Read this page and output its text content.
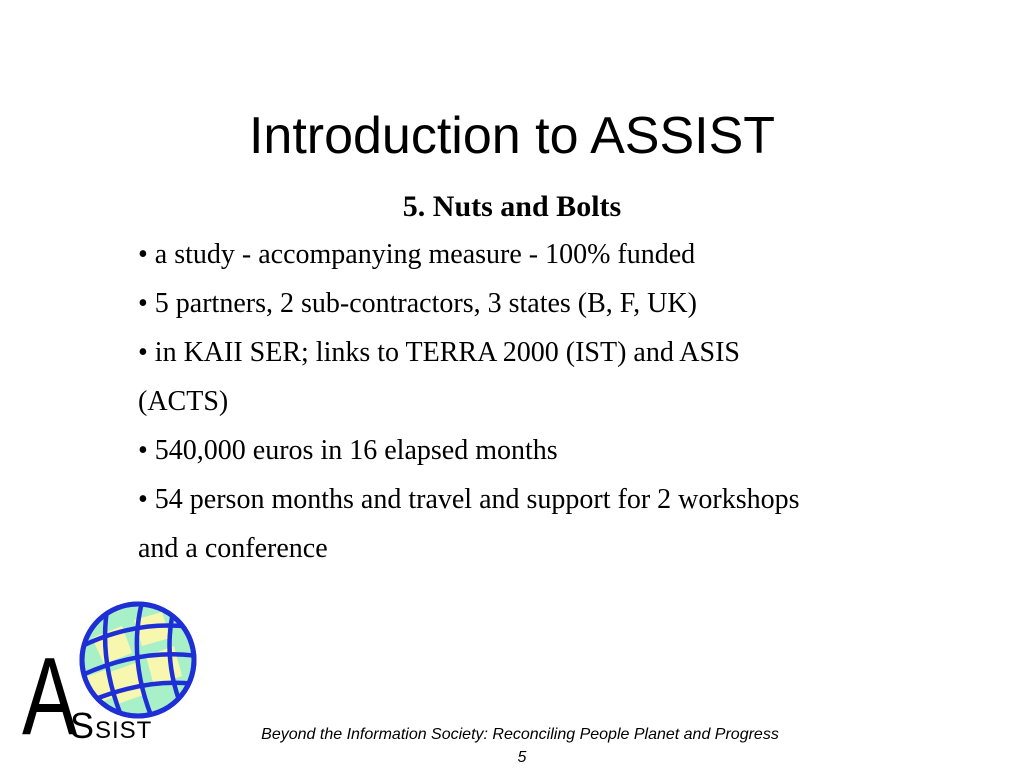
Introduction to ASSIST
5. Nuts and Bolts
• a study - accompanying measure - 100% funded
• 5 partners, 2 sub-contractors, 3 states (B, F, UK)
• in KAII SER; links to TERRA 2000 (IST) and ASIS
(ACTS)
• 540,000 euros in 16 elapsed months
• 54 person months and travel and support for 2 workshops
and a conference
A
S SIST	Beyond the Information Society: Reconciling People Planet and Progress
5
